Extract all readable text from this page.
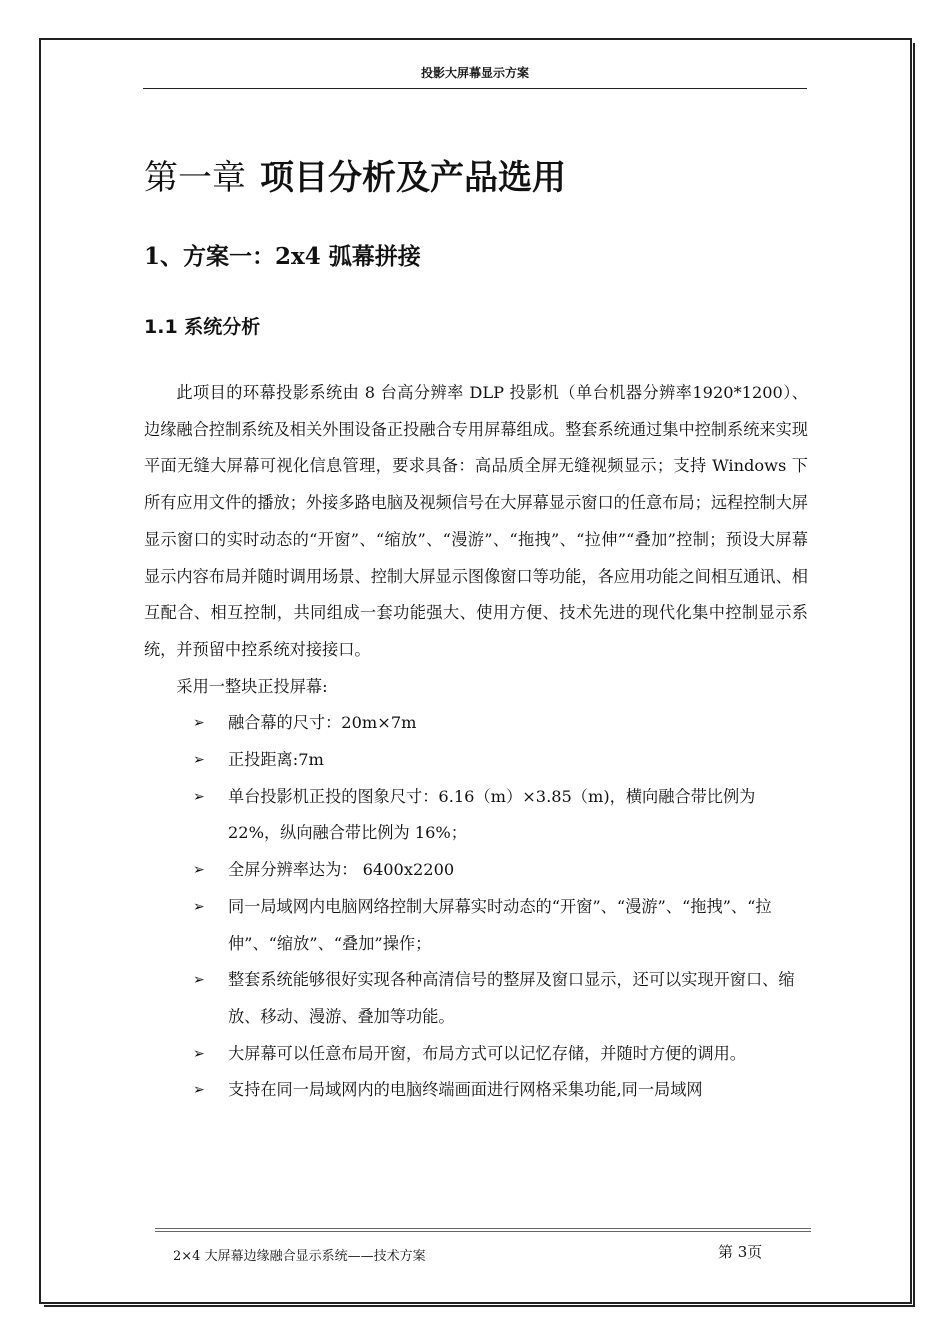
投影大屏幕显示方案
第一章 项目分析及产品选用
1、方案一：2x4 弧幕拼接
1.1 系统分析

此项目的环幕投影系统由 8 台高分辨率 DLP 投影机（单台机器分辨率1920*1200）、边缘融合控制系统及相关外围设备正投融合专用屏幕组成。整套系统通过集中控制系统来实现平面无缝大屏幕可视化信息管理，要求具备：高品质全屏无缝视频显示；支持 Windows 下所有应用文件的播放；外接多路电脑及视频信号在大屏幕显示窗口的任意布局；远程控制大屏显示窗口的实时动态的“开窗”、“缩放”、“漫游”、“拖拽”、“拉伸”“叠加”控制；预设大屏幕显示内容布局并随时调用场景、控制大屏显示图像窗口等功能，各应用功能之间相互通讯、相互配合、相互控制，共同组成一套功能强大、使用方便、技术先进的现代化集中控制显示系统，并预留中控系统对接接口。

采用一整块正投屏幕:

➢ 融合幕的尺寸：20m×7m
➢ 正投距离:7m
➢ 单台投影机正投的图象尺寸：6.16（m）×3.85（m)，横向融合带比例为 22%，纵向融合带比例为 16%；
➢ 全屏分辨率达为： 6400x2200
➢ 同一局域网内电脑网络控制大屏幕实时动态的“开窗”、“漫游”、“拖拽”、“拉伸”、“缩放”、“叠加”操作；
➢ 整套系统能够很好实现各种高清信号的整屏及窗口显示，还可以实现开窗口、缩放、移动、漫游、叠加等功能。
➢ 大屏幕可以任意布局开窗，布局方式可以记忆存储，并随时方便的调用。
➢ 支持在同一局域网内的电脑终端画面进行网格采集功能,同一局域网
2×4 大屏幕边缘融合显示系统——技术方案	第 3页
